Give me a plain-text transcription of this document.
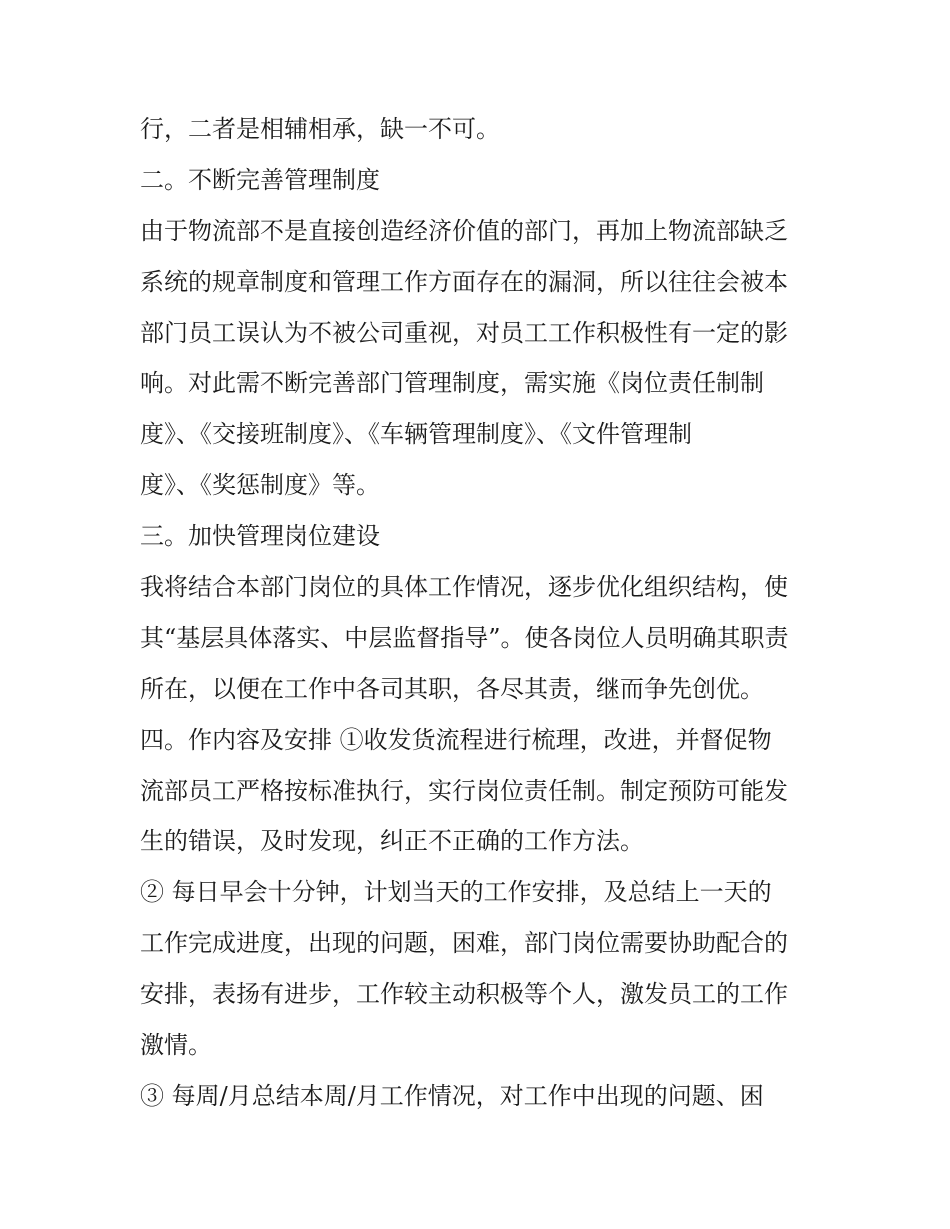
行，二者是相辅相承，缺一不可。
二。不断完善管理制度
由于物流部不是直接创造经济价值的部门，再加上物流部缺乏
系统的规章制度和管理工作方面存在的漏洞，所以往往会被本
部门员工误认为不被公司重视，对员工工作积极性有一定的影
响。对此需不断完善部门管理制度，需实施《岗位责任制制
度》、《交接班制度》、《车辆管理制度》、《文件管理制
度》、《奖惩制度》等。
三。加快管理岗位建设
我将结合本部门岗位的具体工作情况，逐步优化组织结构，使
其“基层具体落实、中层监督指导”。使各岗位人员明确其职责
所在，以便在工作中各司其职，各尽其责，继而争先创优。
四。作内容及安排 ①收发货流程进行梳理，改进，并督促物
流部员工严格按标准执行，实行岗位责任制。制定预防可能发
生的错误，及时发现，纠正不正确的工作方法。
② 每日早会十分钟，计划当天的工作安排，及总结上一天的
工作完成进度，出现的问题，困难，部门岗位需要协助配合的
安排，表扬有进步，工作较主动积极等个人，激发员工的工作
激情。
③ 每周/月总结本周/月工作情况，对工作中出现的问题、困
